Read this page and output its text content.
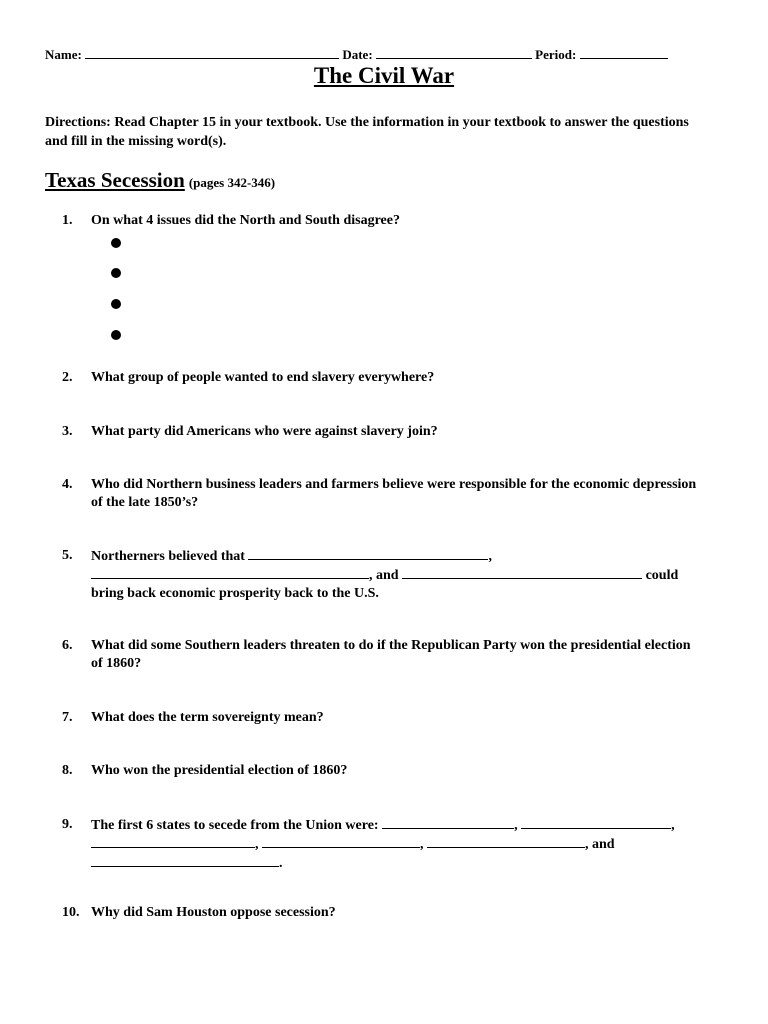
Name:	Date:	Period:
The Civil War
Directions: Read Chapter 15 in your textbook. Use the information in your textbook to answer the questions and fill in the missing word(s).
Texas Secession (pages 342-346)
1.	On what 4 issues did the North and South disagree?
2.	What group of people wanted to end slavery everywhere?
3.	What party did Americans who were against slavery join?
4.	Who did Northern business leaders and farmers believe were responsible for the economic depression of the late 1850’s?
5.	Northerners believed that	,
, and	could
bring back economic prosperity back to the U.S.
6.	What did some Southern leaders threaten to do if the Republican Party won the presidential election of 1860?
7.	What does the term sovereignty mean?
8.	Who won the presidential election of 1860?
9.	The first 6 states to secede from the Union were:	,	,
,	,	, and
.
10. Why did Sam Houston oppose secession?
